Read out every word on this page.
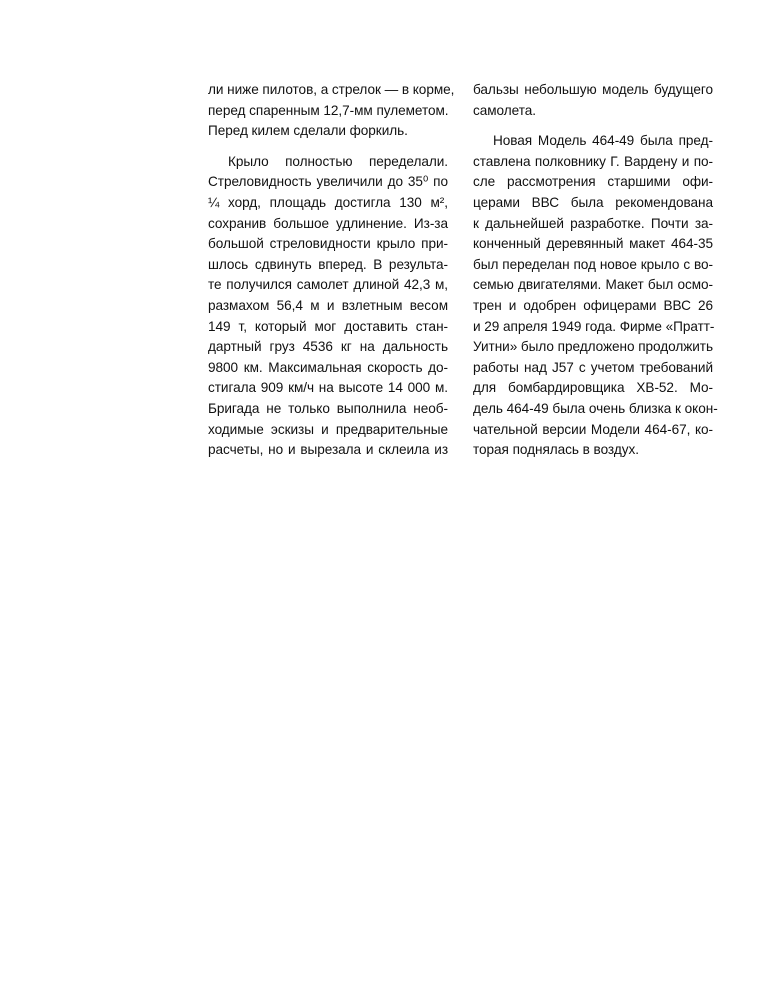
ли ниже пилотов, а стрелок — в корме,
перед спаренным 12,7-мм пулеметом.
Перед килем сделали форкиль.
Крыло полностью переделали.
Стреловидность увеличили до 35⁰ по
¼ хорд, площадь достигла 130 м²,
сохранив большое удлинение. Из-за
большой стреловидности крыло при-
шлось сдвинуть вперед. В результа-
те получился самолет длиной 42,3 м,
размахом 56,4 м и взлетным весом
149 т, который мог доставить стан-
дартный груз 4536 кг на дальность
9800 км. Максимальная скорость до-
стигала 909 км/ч на высоте 14 000 м.
Бригада не только выполнила необ-
ходимые эскизы и предварительные
расчеты, но и вырезала и склеила из
бальзы небольшую модель будущего
самолета.
Новая Модель 464-49 была пред-
ставлена полковнику Г. Вардену и по-
сле рассмотрения старшими офи-
церами ВВС была рекомендована
к дальнейшей разработке. Почти за-
конченный деревянный макет 464-35
был переделан под новое крыло с во-
семью двигателями. Макет был осмо-
трен и одобрен офицерами ВВС 26
и 29 апреля 1949 года. Фирме «Пратт-
Уитни» было предложено продолжить
работы над J57 с учетом требований
для бомбардировщика ХВ-52. Мо-
дель 464-49 была очень близка к окон-
чательной версии Модели 464-67, ко-
торая поднялась в воздух.
